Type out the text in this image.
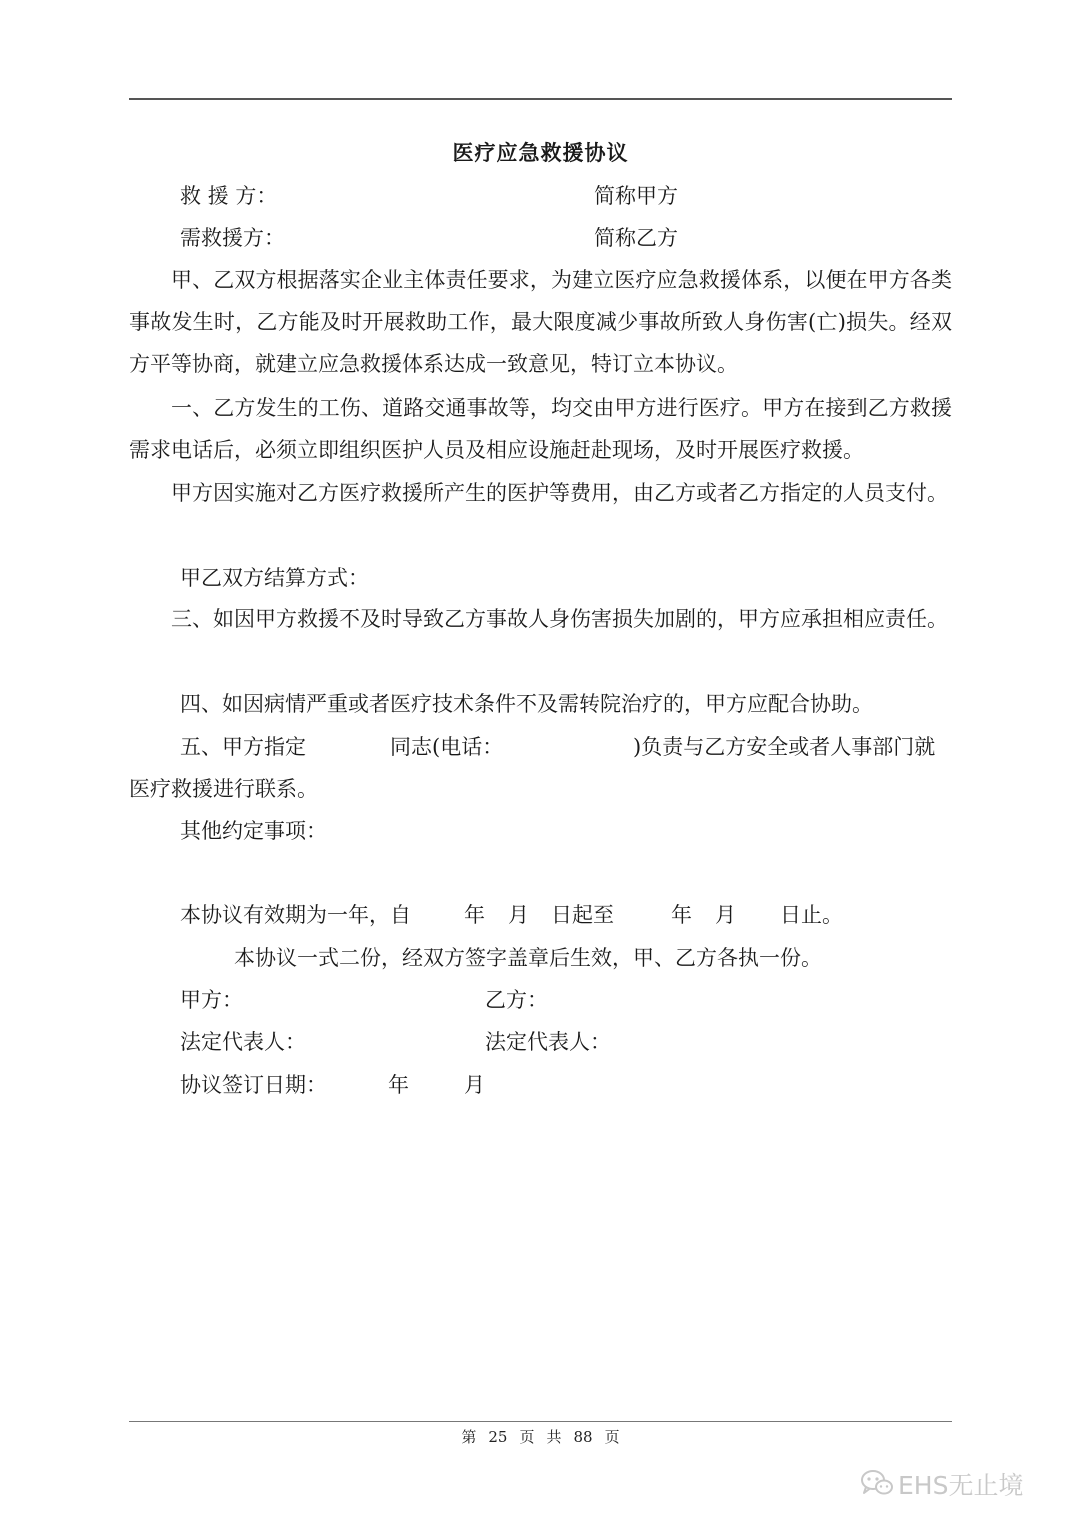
医疗应急救援协议
救 援 方：	简称甲方
需救援方：	简称乙方
甲、乙双方根据落实企业主体责任要求，为建立医疗应急救援体系，以便在甲方各类事故发生时，乙方能及时开展救助工作，最大限度减少事故所致人身伤害(亡)损失。经双方平等协商，就建立应急救援体系达成一致意见，特订立本协议。
一、乙方发生的工伤、道路交通事故等，均交由甲方进行医疗。甲方在接到乙方救援需求电话后，必须立即组织医护人员及相应设施赶赴现场，及时开展医疗救援。
甲方因实施对乙方医疗救援所产生的医护等费用，由乙方或者乙方指定的人员支付。
甲乙双方结算方式：
三、如因甲方救援不及时导致乙方事故人身伤害损失加剧的，甲方应承担相应责任。
四、如因病情严重或者医疗技术条件不及需转院治疗的，甲方应配合协助。
五、甲方指定	同志(电话：	)负责与乙方安全或者人事部门就
医疗救援进行联系。
其他约定事项：
本协议有效期为一年，自	年 月 日起至	年 月 日止。
本协议一式二份，经双方签字盖章后生效，甲、乙方各执一份。
甲方：	乙方：
法定代表人：	法定代表人：
协议签订日期：	年	月
第 25 页 共 88 页
EHS无止境
